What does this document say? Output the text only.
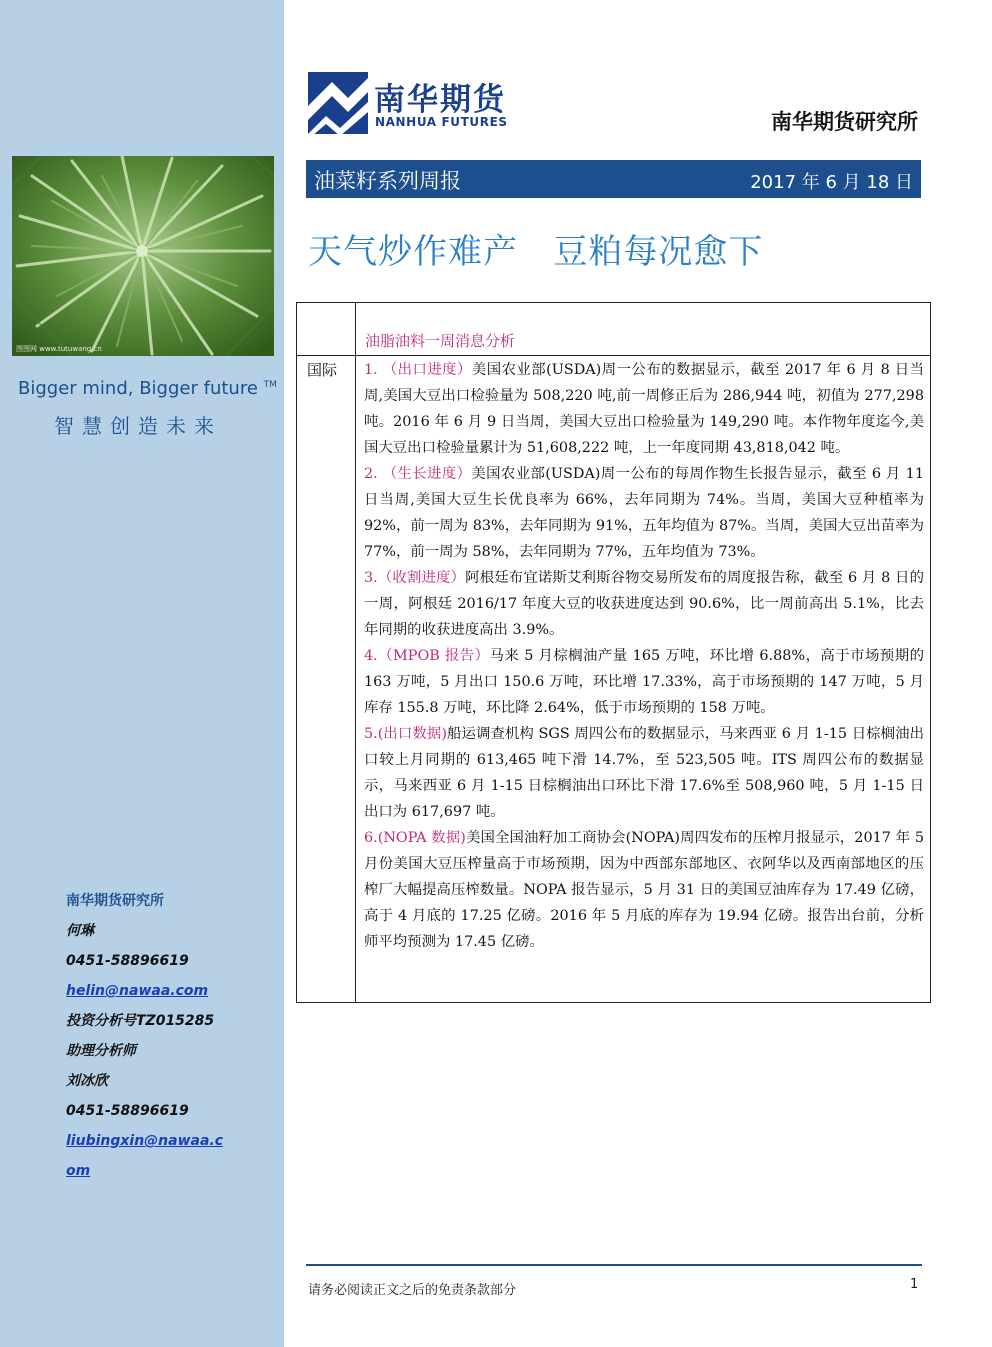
图图网 www.tutuwang.cn
Bigger mind, Bigger future ™
智慧创造未来
南华期货研究所
何琳
0451-58896619
helin@nawaa.com
投资分析号TZ015285
助理分析师
刘冰欣
0451-58896619
liubingxin@nawaa.c
om
南华期货
NANHUA FUTURES	南华期货研究所
油菜籽系列周报	2017 年 6 月 18 日
天气炒作难产   豆粕每况愈下
油脂油料一周消息分析
国际 1. （出口进度）美国农业部(USDA)周一公布的数据显示，截至 2017 年 6 月 8 日当周,美国大豆出口检验量为 508,220 吨,前一周修正后为 286,944 吨，初值为 277,298 吨。2016 年 6 月 9 日当周，美国大豆出口检验量为 149,290 吨。本作物年度迄今,美国大豆出口检验量累计为 51,608,222 吨，上一年度同期 43,818,042 吨。

2. （生长进度）美国农业部(USDA)周一公布的每周作物生长报告显示，截至 6 月 11 日当周,美国大豆生长优良率为 66%，去年同期为 74%。当周，美国大豆种植率为 92%，前一周为 83%，去年同期为 91%，五年均值为 87%。当周，美国大豆出苗率为 77%，前一周为 58%，去年同期为 77%，五年均值为 73%。

3.（收割进度）阿根廷布宜诺斯艾利斯谷物交易所发布的周度报告称，截至 6 月 8 日的一周，阿根廷 2016/17 年度大豆的收获进度达到 90.6%，比一周前高出 5.1%，比去年同期的收获进度高出 3.9%。

4.（MPOB 报告）马来 5 月棕榈油产量 165 万吨，环比增 6.88%，高于市场预期的 163 万吨，5 月出口 150.6 万吨，环比增 17.33%，高于市场预期的 147 万吨，5 月库存 155.8 万吨，环比降 2.64%，低于市场预期的 158 万吨。

5.(出口数据)船运调查机构 SGS 周四公布的数据显示，马来西亚 6 月 1-15 日棕榈油出口较上月同期的 613,465 吨下滑 14.7%，至 523,505 吨。ITS 周四公布的数据显示，马来西亚 6 月 1-15 日棕榈油出口环比下滑 17.6%至 508,960 吨，5 月 1-15 日出口为 617,697 吨。

6.(NOPA 数据)美国全国油籽加工商协会(NOPA)周四发布的压榨月报显示，2017 年 5 月份美国大豆压榨量高于市场预期，因为中西部东部地区、衣阿华以及西南部地区的压榨厂大幅提高压榨数量。NOPA 报告显示，5 月 31 日的美国豆油库存为 17.49 亿磅，高于 4 月底的 17.25 亿磅。2016 年 5 月底的库存为 19.94 亿磅。报告出台前，分析师平均预测为 17.45 亿磅。

请务必阅读正文之后的免责条款部分	1
